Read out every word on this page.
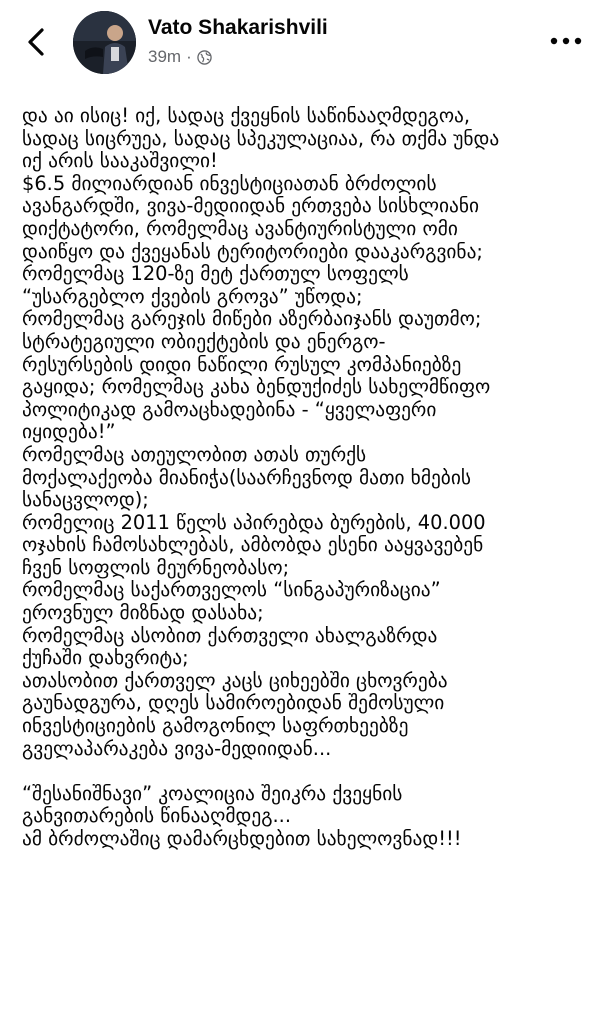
Vato Shakarishvili
39m ·
და აი ისიც! იქ, სადაც ქვეყნის საწინააღმდეგოა,
სადაც სიცრუეა, სადაც სპეკულაციაა, რა თქმა უნდა
იქ არის სააკაშვილი!
$6.5 მილიარდიან ინვესტიციათან ბრძოლის
ავანგარდში, ვივა-მედიიდან ერთვება სისხლიანი
დიქტატორი, რომელმაც ავანტიურისტული ომი
დაიწყო და ქვეყანას ტერიტორიები დააკარგვინა;
რომელმაც 120-ზე მეტ ქართულ სოფელს
“უსარგებლო ქვების გროვა” უწოდა;
რომელმაც გარეჯის მიწები აზერბაიჯანს დაუთმო;
სტრატეგიული ობიექტების და ენერგო-
რესურსების დიდი ნაწილი რუსულ კომპანიებზე
გაყიდა; რომელმაც კახა ბენდუქიძეს სახელმწიფო
პოლიტიკად გამოაცხადებინა - “ყველაფერი
იყიდება!”
რომელმაც ათეულობით ათას თურქს
მოქალაქეობა მიანიჭა(საარჩევნოდ მათი ხმების
სანაცვლოდ);
რომელიც 2011 წელს აპირებდა ბურების, 40.000
ოჯახის ჩამოსახლებას, ამბობდა ესენი ააყვავებენ
ჩვენ სოფლის მეურნეობასო;
რომელმაც საქართველოს “სინგაპურიზაცია”
ეროვნულ მიზნად დასახა;
რომელმაც ასობით ქართველი ახალგაზრდა
ქუჩაში დახვრიტა;
ათასობით ქართველ კაცს ციხეებში ცხოვრება
გაუნადგურა, დღეს სამიროებიდან შემოსული
ინვესტიციების გამოგონილ საფრთხეებზე
გველაპარაკება ვივა-მედიიდან...
“შესანიშნავი” კოალიცია შეიკრა ქვეყნის
განვითარების წინააღმდეგ...
ამ ბრძოლაშიც დამარცხდებით სახელოვნად!!!
